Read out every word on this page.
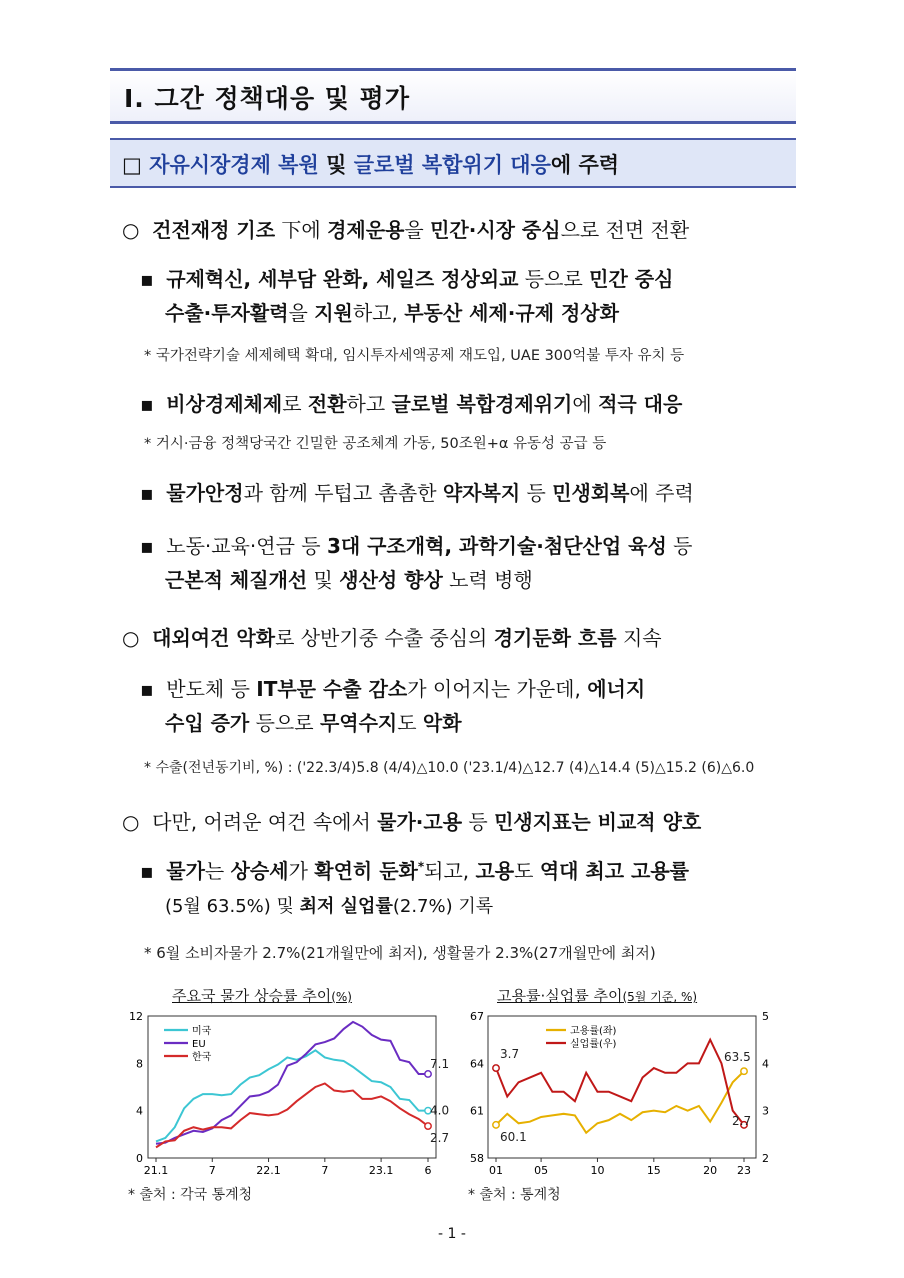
Ⅰ. 그간 정책대응 및 평가
□ 자유시장경제 복원 및 글로벌 복합위기 대응에 주력
○ 건전재정 기조 下에 경제운용을 민간·시장 중심으로 전면 전환
▪ 규제혁신, 세부담 완화, 세일즈 정상외교 등으로 민간 중심
수출·투자활력을 지원하고, 부동산 세제·규제 정상화
* 국가전략기술 세제혜택 확대, 임시투자세액공제 재도입, UAE 300억불 투자 유치 등
▪ 비상경제체제로 전환하고 글로벌 복합경제위기에 적극 대응
* 거시·금융 정책당국간 긴밀한 공조체계 가동, 50조원+α 유동성 공급 등
▪ 물가안정과 함께 두텁고 촘촘한 약자복지 등 민생회복에 주력
▪ 노동·교육·연금 등 3대 구조개혁, 과학기술·첨단산업 육성 등
근본적 체질개선 및 생산성 향상 노력 병행
○ 대외여건 악화로 상반기중 수출 중심의 경기둔화 흐름 지속
▪ 반도체 등 IT부문 수출 감소가 이어지는 가운데, 에너지
수입 증가 등으로 무역수지도 악화
* 수출(전년동기비, %) : ('22.3/4)5.8 (4/4)△10.0 ('23.1/4)△12.7 (4)△14.4 (5)△15.2 (6)△6.0
○ 다만, 어려운 여건 속에서 물가·고용 등 민생지표는 비교적 양호
▪ 물가는 상승세가 확연히 둔화*되고, 고용도 역대 최고 고용률
(5월 63.5%) 및 최저 실업률(2.7%) 기록
* 6월 소비자물가 2.7%(21개월만에 최저), 생활물가 2.3%(27개월만에 최저)
주요국 물가 상승률 추이(%)
0
4
8
12
21.1	7	22.1	7	23.1	6
4.0
미국
7.1
EU
2.7
한국
* 출처 : 각국 통계청
고용률·실업률 추이(5월 기준, %)
58
61
64
67
2
3
4
5
01	05	10	15	20 23
60.1
63.5
고용률(좌)
3.7
2.7
실업률(우)
* 출처 : 통계청
- 1 -
